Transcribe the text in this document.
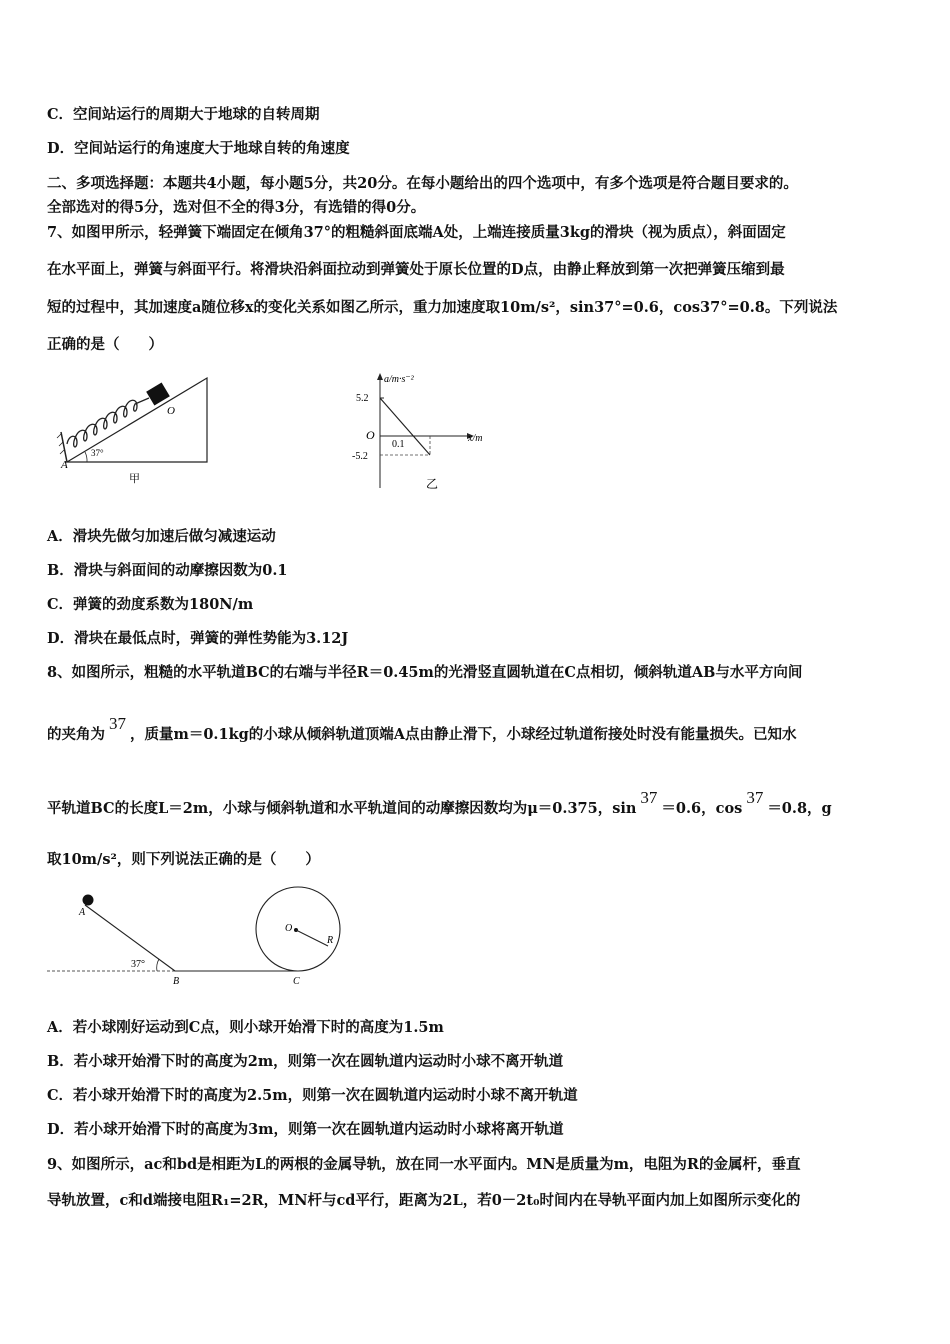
C．空间站运行的周期大于地球的自转周期
D．空间站运行的角速度大于地球自转的角速度
二、多项选择题：本题共4小题，每小题5分，共20分。在每小题给出的四个选项中，有多个选项是符合题目要求的。
全部选对的得5分，选对但不全的得3分，有选错的得0分。
7、如图甲所示，轻弹簧下端固定在倾角37°的粗糙斜面底端A处，上端连接质量3kg的滑块（视为质点），斜面固定
在水平面上，弹簧与斜面平行。将滑块沿斜面拉动到弹簧处于原长位置的D点，由静止释放到第一次把弹簧压缩到最
短的过程中，其加速度a随位移x的变化关系如图乙所示，重力加速度取10m/s²，sin37°=0.6，cos37°=0.8。下列说法
正确的是（　　）
O
A
37°
甲
a/m·s⁻²
5.2
-5.2
O
0.1
x/m
乙
A．滑块先做匀加速后做匀减速运动
B．滑块与斜面间的动摩擦因数为0.1
C．弹簧的劲度系数为180N/m
D．滑块在最低点时，弹簧的弹性势能为3.12J
8、如图所示，粗糙的水平轨道BC的右端与半径R＝0.45m的光滑竖直圆轨道在C点相切，倾斜轨道AB与水平方向间
的夹角为37，质量m＝0.1kg的小球从倾斜轨道顶端A点由静止滑下，小球经过轨道衔接处时没有能量损失。已知水
平轨道BC的长度L＝2m，小球与倾斜轨道和水平轨道间的动摩擦因数均为μ＝0.375，sin37＝0.6，cos37＝0.8，g
取10m/s²，则下列说法正确的是（　　）
A
B	C
O
R
37°
A．若小球刚好运动到C点，则小球开始滑下时的高度为1.5m
B．若小球开始滑下时的高度为2m，则第一次在圆轨道内运动时小球不离开轨道
C．若小球开始滑下时的高度为2.5m，则第一次在圆轨道内运动时小球不离开轨道
D．若小球开始滑下时的高度为3m，则第一次在圆轨道内运动时小球将离开轨道
9、如图所示，ac和bd是相距为L的两根的金属导轨，放在同一水平面内。MN是质量为m，电阻为R的金属杆，垂直
导轨放置，c和d端接电阻R₁=2R，MN杆与cd平行，距离为2L，若0－2t₀时间内在导轨平面内加上如图所示变化的
